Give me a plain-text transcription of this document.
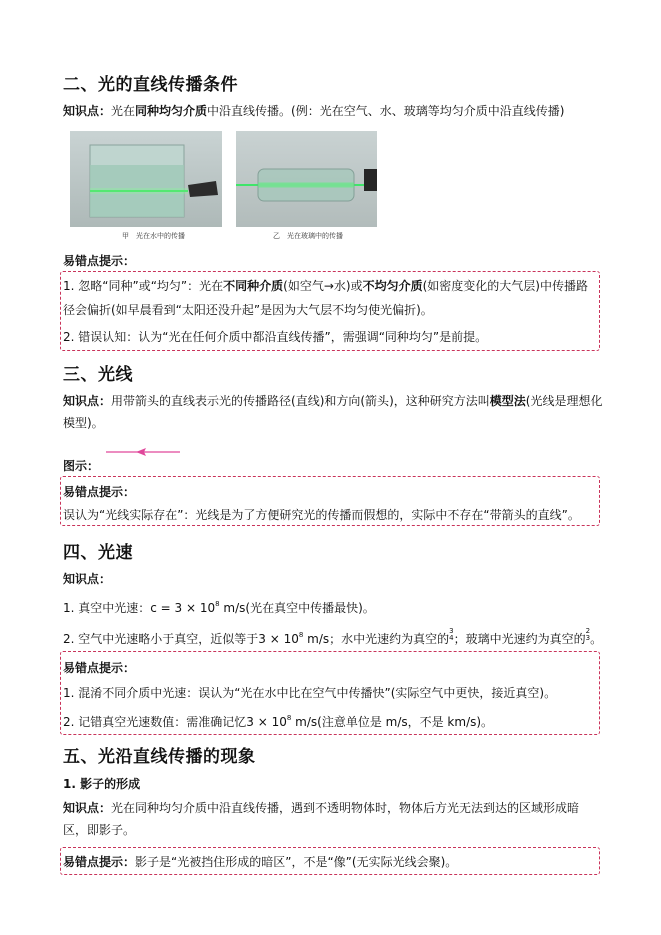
二、光的直线传播条件
知识点：光在同种均匀介质中沿直线传播。(例：光在空气、水、玻璃等均匀介质中沿直线传播)
甲　光在水中的传播	乙　光在玻璃中的传播
易错点提示：
1. 忽略“同种”或“均匀”：光在不同种介质(如空气→水)或不均匀介质(如密度变化的大气层)中传播路
径会偏折(如早晨看到“太阳还没升起”是因为大气层不均匀使光偏折)。
2. 错误认知：认为“光在任何介质中都沿直线传播”，需强调“同种均匀”是前提。
三、光线
知识点：用带箭头的直线表示光的传播路径(直线)和方向(箭头)，这种研究方法叫模型法(光线是理想化模型)。
图示：
易错点提示：
误认为“光线实际存在”：光线是为了方便研究光的传播而假想的，实际中不存在“带箭头的直线”。
四、光速
知识点：
1. 真空中光速：$c = 3 \times 10^8$ m/s(光在真空中传播最快)。
2. 空气中光速略小于真空，近似等于$3 \times 10^8$ m/s；水中光速约为真空的3
4；玻璃中光速约为真空的2
3。
易错点提示：
1. 混淆不同介质中光速：误认为“光在水中比在空气中传播快”(实际空气中更快，接近真空)。
2. 记错真空光速数值：需准确记忆$3 \times 10^8$ m/s(注意单位是 m/s，不是 km/s)。
五、光沿直线传播的现象
1. 影子的形成
知识点：光在同种均匀介质中沿直线传播，遇到不透明物体时，物体后方光无法到达的区域形成暗区，即影子。
易错点提示：影子是“光被挡住形成的暗区”，不是“像”(无实际光线会聚)。
